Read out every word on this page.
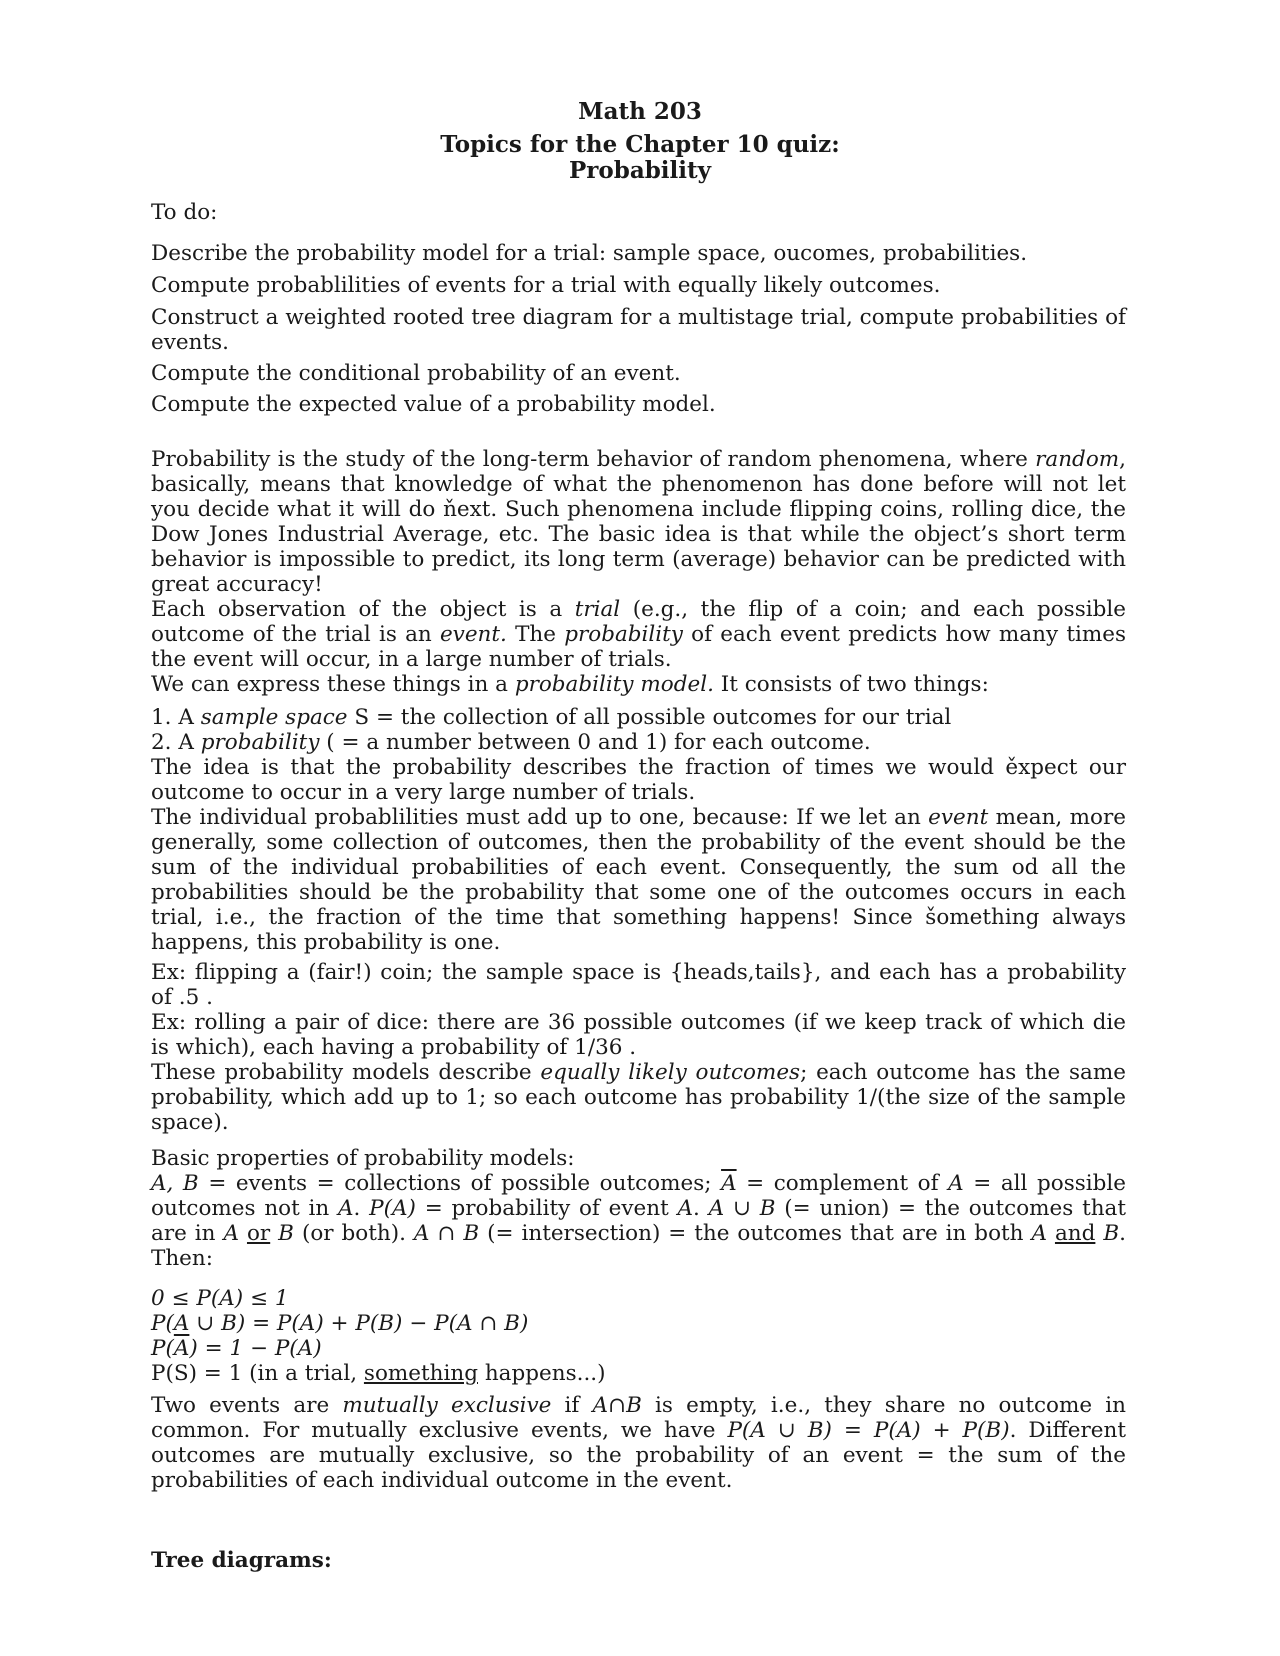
Math 203
Topics for the Chapter 10 quiz:
Probability
To do:
Describe the probability model for a trial: sample space, oucomes, probabilities.
Compute probablilities of events for a trial with equally likely outcomes.
Construct a weighted rooted tree diagram for a multistage trial, compute probabilities of events.
Compute the conditional probability of an event.
Compute the expected value of a probability model.
Probability is the study of the long-term behavior of random phenomena, where random, basically, means that knowledge of what the phenomenon has done before will not let you decide what it will do ňext. Such phenomena include flipping coins, rolling dice, the Dow Jones Industrial Average, etc. The basic idea is that while the object’s short term behavior is impossible to predict, its long term (average) behavior can be predicted with great accuracy!
Each observation of the object is a trial (e.g., the flip of a coin; and each possible outcome of the trial is an event. The probability of each event predicts how many times the event will occur, in a large number of trials.
We can express these things in a probability model. It consists of two things:
1. A sample space S = the collection of all possible outcomes for our trial
2. A probability ( = a number between 0 and 1) for each outcome.
The idea is that the probability describes the fraction of times we would ěxpect our outcome to occur in a very large number of trials.
The individual probablilities must add up to one, because: If we let an event mean, more generally, some collection of outcomes, then the probability of the event should be the sum of the individual probabilities of each event. Consequently, the sum od all the probabilities should be the probability that some one of the outcomes occurs in each trial, i.e., the fraction of the time that something happens! Since šomething always happens, this probability is one.
Ex: flipping a (fair!) coin; the sample space is {heads,tails}, and each has a probability of .5 .
Ex: rolling a pair of dice: there are 36 possible outcomes (if we keep track of which die is which), each having a probability of 1/36 .
These probability models describe equally likely outcomes; each outcome has the same probability, which add up to 1; so each outcome has probability 1/(the size of the sample space).
Basic properties of probability models:
A, B = events = collections of possible outcomes; $\overline{A}$ = complement of A = all possible outcomes not in A. P(A) = probability of event A. A ∪ B (= union) = the outcomes that are in A or B (or both). A ∩ B (= intersection) = the outcomes that are in both A and B. Then:
0 ≤ P(A) ≤ 1
P(A ∪ B) = P(A) + P(B) − P(A ∩ B)
$P(\overline{A}) = 1 - P(A)$
P(S) = 1 (in a trial, something happens...)
Two events are mutually exclusive if A∩B is empty, i.e., they share no outcome in common. For mutually exclusive events, we have P(A ∪ B) = P(A) + P(B). Different outcomes are mutually exclusive, so the probability of an event = the sum of the probabilities of each individual outcome in the event.
Tree diagrams:
